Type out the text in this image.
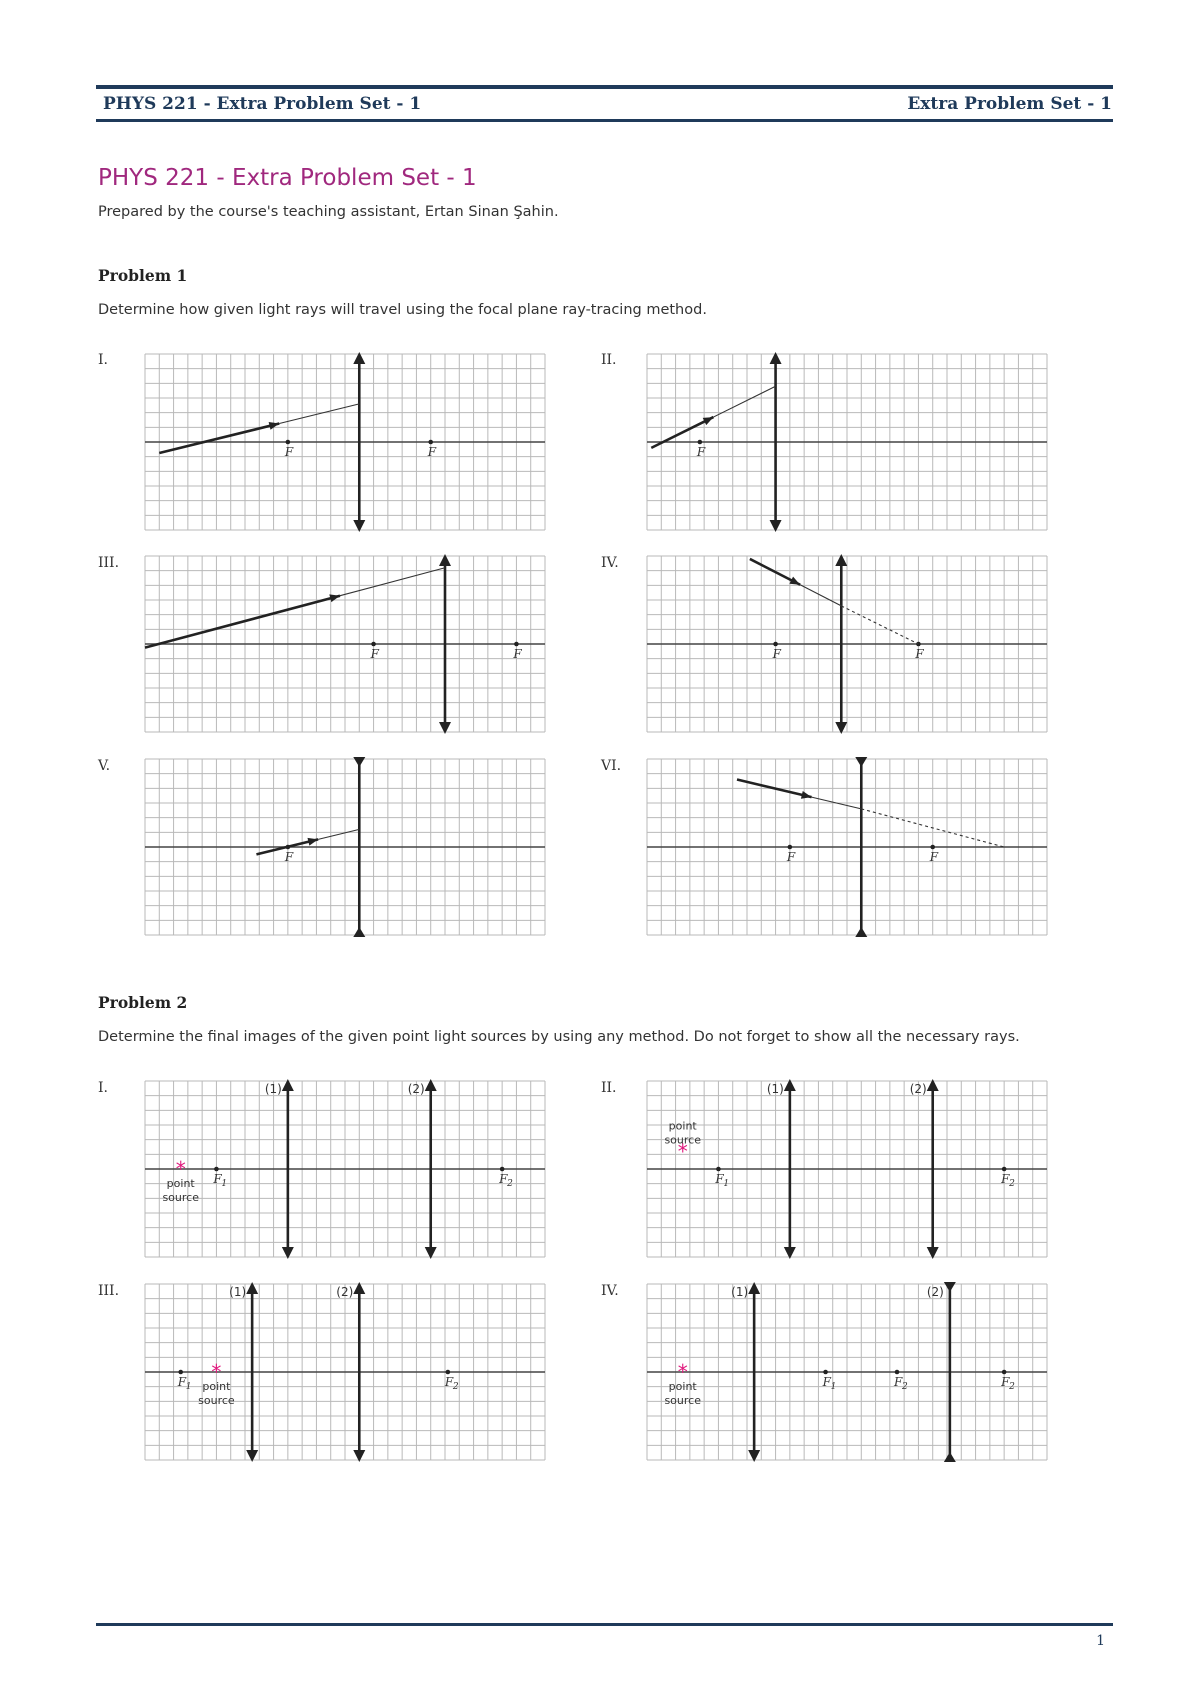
PHYS 221 - Extra Problem Set - 1	Extra Problem Set - 1
PHYS 221 - Extra Problem Set - 1
Prepared by the course's teaching assistant, Ertan Sinan Şahin.
Problem 1
Determine how given light rays will travel using the focal plane ray-tracing method.
I.
F	F
II.
F
III.
F	F
IV.
F	F
V.
F
VI.
F	F
Problem 2
Determine the final images of the given point light sources by using any method. Do not forget to show all the necessary rays.
I.	(1)	(2)
F 1	F 2
*
point
source
II.	(1)	(2)
F 1	F 2
*
point
source
III.	(1)	(2)
F 1	F 2
*
point
source
IV.	(1)	(2)
F 1	F 2	F 2
*
point
source
1
